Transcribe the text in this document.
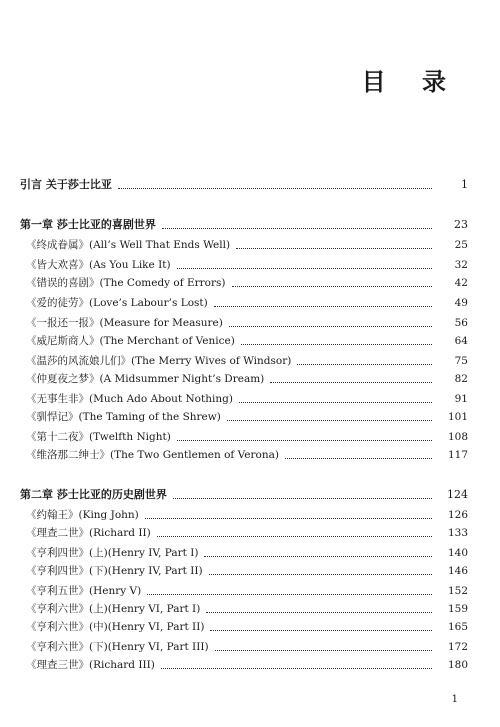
目 录
引言 关于莎士比亚	1
第一章 莎士比亚的喜剧世界	23
《终成眷属》(All’s Well That Ends Well)	25
《皆大欢喜》(As You Like It)	32
《错误的喜剧》(The Comedy of Errors)	42
《爱的徒劳》(Love’s Labour’s Lost)	49
《一报还一报》(Measure for Measure)	56
《威尼斯商人》(The Merchant of Venice)	64
《温莎的风流娘儿们》(The Merry Wives of Windsor)	75
《仲夏夜之梦》(A Midsummer Night’s Dream)	82
《无事生非》(Much Ado About Nothing)	91
《驯悍记》(The Taming of the Shrew)	101
《第十二夜》(Twelfth Night)	108
《维洛那二绅士》(The Two Gentlemen of Verona)	117
第二章 莎士比亚的历史剧世界	124
《约翰王》(King John)	126
《理查二世》(Richard II)	133
《亨利四世》(上)(Henry IV, Part I)	140
《亨利四世》(下)(Henry IV, Part II)	146
《亨利五世》(Henry V)	152
《亨利六世》(上)(Henry VI, Part I)	159
《亨利六世》(中)(Henry VI, Part II)	165
《亨利六世》(下)(Henry VI, Part III)	172
《理查三世》(Richard III)	180
1
